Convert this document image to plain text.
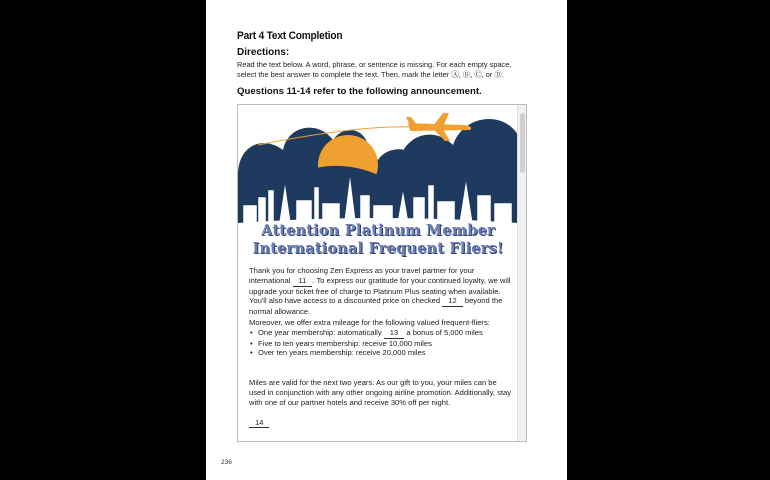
Part 4 Text Completion
Directions:
Read the text below. A word, phrase, or sentence is missing. For each empty space, select the best answer to complete the text. Then, mark the letter Ⓐ, Ⓑ, Ⓒ, or Ⓓ.
Questions 11-14 refer to the following announcement.
Attention Platinum Member
International Frequent Fliers!
Thank you for choosing Zen Express as your travel partner for your international 11 . To express our gratitude for your continued loyalty, we will upgrade your ticket free of charge to Platinum Plus seating when available. You'll also have access to a discounted price on checked 12 beyond the normal allowance.
Moreover, we offer extra mileage for the following valued frequent-fliers:
• One year membership: automatically 13 a bonus of 5,000 miles
• Five to ten years membership: receive 10,000 miles
• Over ten years membership: receive 20,000 miles
Miles are valid for the next two years. As our gift to you, your miles can be used in conjunction with any other ongoing airline promotion. Additionally, stay with one of our partner hotels and receive 30% off per night.
14
236
